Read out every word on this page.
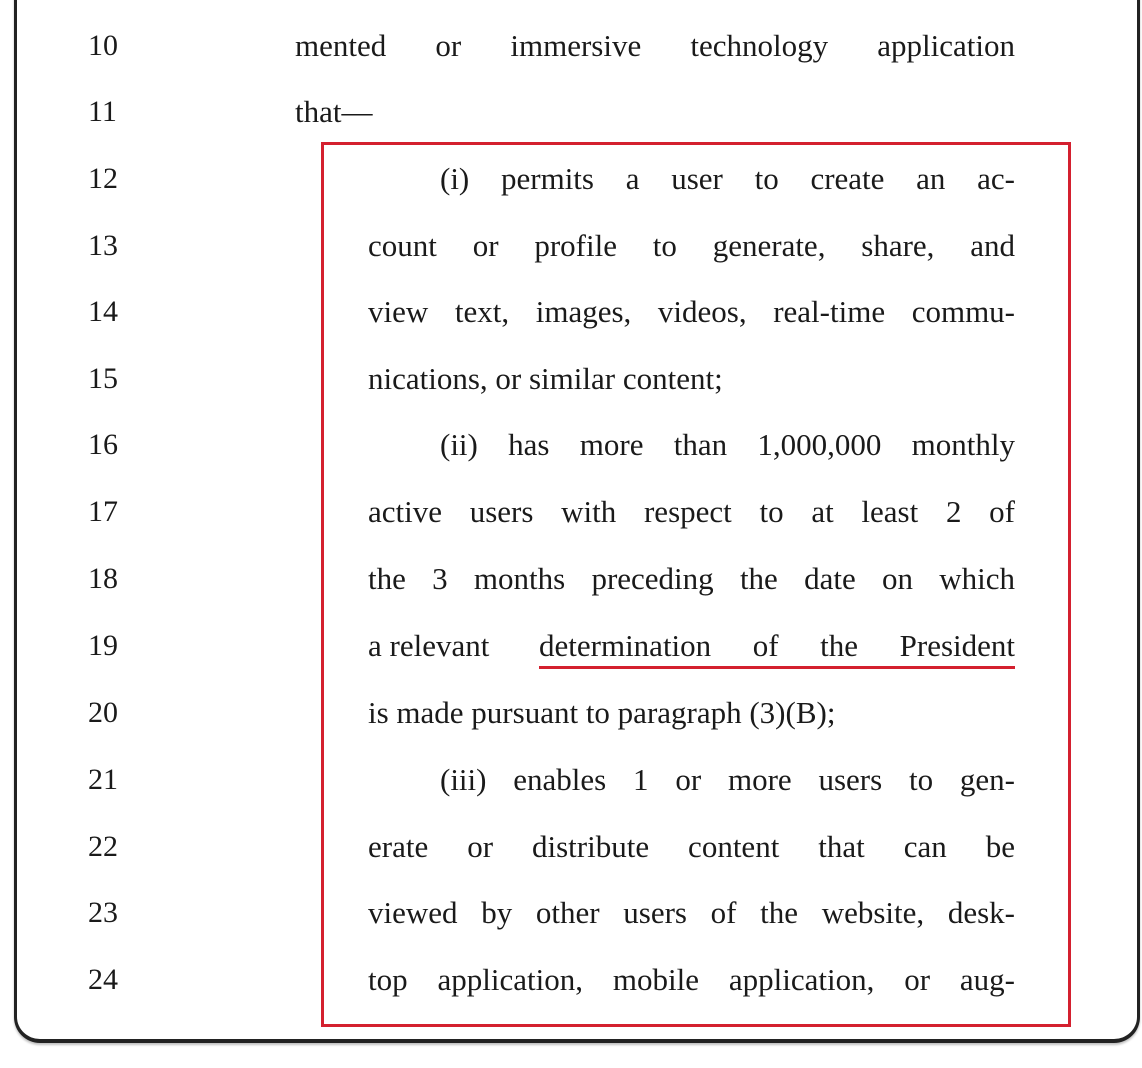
10
11
12
13
14
15
16
17
18
19
20
21
22
23
24
mented or immersive technology application
that—
(i) permits a user to create an ac-
count or profile to generate, share, and
view text, images, videos, real-time commu-
nications, or similar content;
(ii) has more than 1,000,000 monthly
active users with respect to at least 2 of
the 3 months preceding the date on which
a relevant	determination of the President
is made pursuant to paragraph (3)(B);
(iii) enables 1 or more users to gen-
erate or distribute content that can be
viewed by other users of the website, desk-
top application, mobile application, or aug-
